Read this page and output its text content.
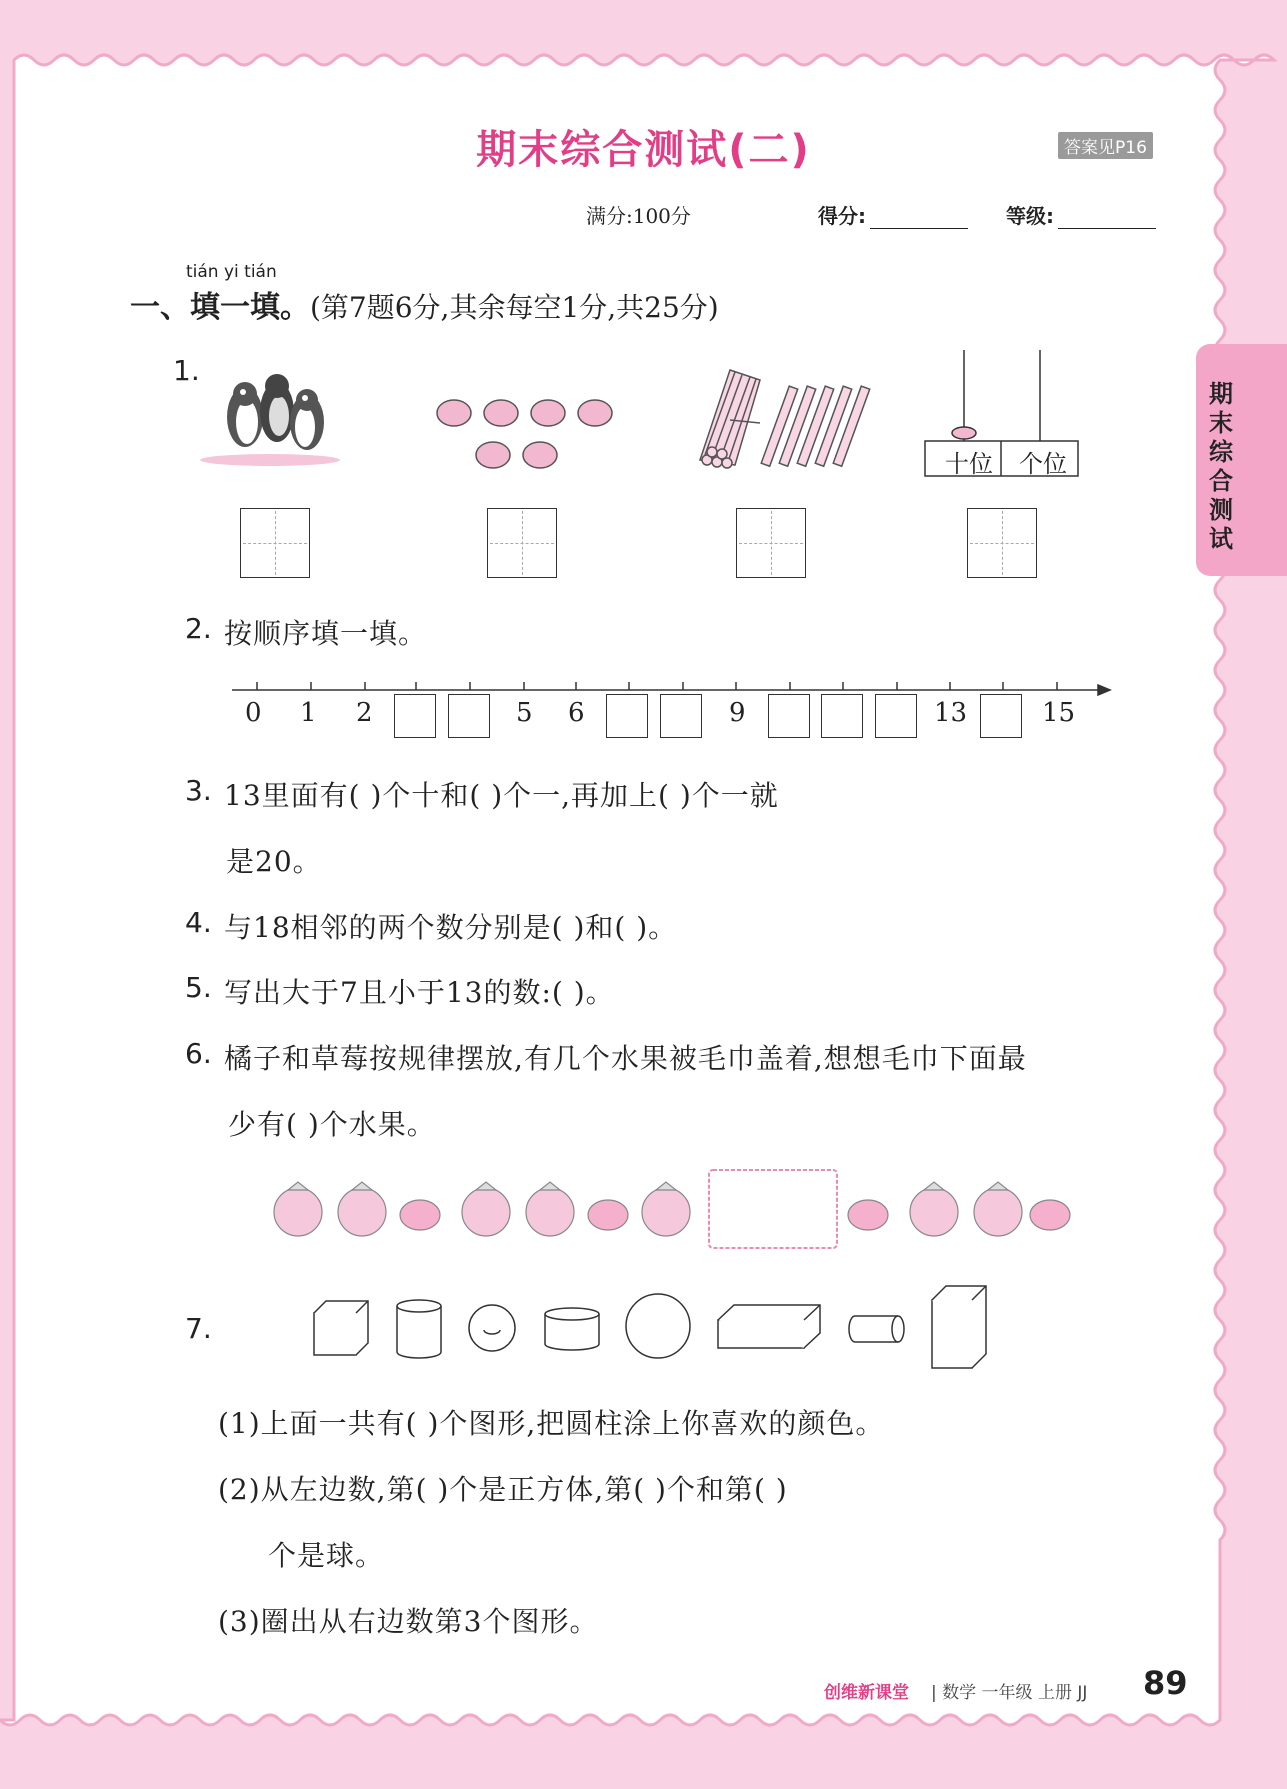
期末综合测试(二)	答案见P16
满分:100分	得分:	等级:
期末综合测试
tián yi tián
一、填一填。(第7题6分,其余每空1分,共25分)
1.
十位	个位
2. 按顺序填一填。
0 1 2	5 6	9	13	15
3. 13里面有( )个十和( )个一,再加上( )个一就
是20。
4. 与18相邻的两个数分别是( )和( )。
5. 写出大于7且小于13的数:( )。
6. 橘子和草莓按规律摆放,有几个水果被毛巾盖着,想想毛巾下面最
少有( )个水果。
7.
(1)上面一共有( )个图形,把圆柱涂上你喜欢的颜色。
(2)从左边数,第( )个是正方体,第( )个和第( )
个是球。
(3)圈出从右边数第3个图形。
创维新课堂 | 数学 一年级 上册 JJ 89
